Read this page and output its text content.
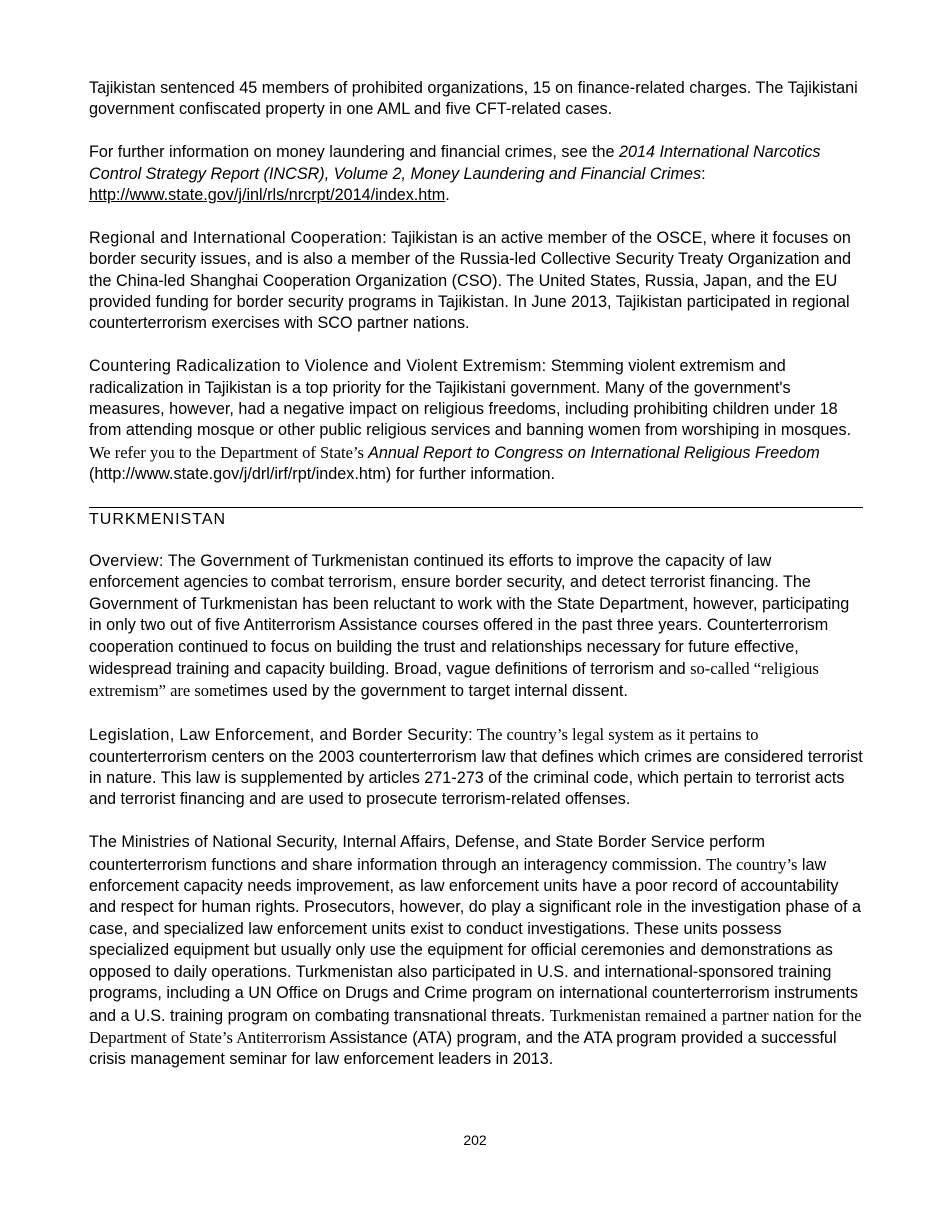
Tajikistan sentenced 45 members of prohibited organizations, 15 on finance-related charges. The Tajikistani government confiscated property in one AML and five CFT-related cases.

For further information on money laundering and financial crimes, see the 2014 International Narcotics Control Strategy Report (INCSR), Volume 2, Money Laundering and Financial Crimes: http://www.state.gov/j/inl/rls/nrcrpt/2014/index.htm.

Regional and International Cooperation: Tajikistan is an active member of the OSCE, where it focuses on border security issues, and is also a member of the Russia-led Collective Security Treaty Organization and the China-led Shanghai Cooperation Organization (CSO). The United States, Russia, Japan, and the EU provided funding for border security programs in Tajikistan. In June 2013, Tajikistan participated in regional counterterrorism exercises with SCO partner nations.

Countering Radicalization to Violence and Violent Extremism: Stemming violent extremism and radicalization in Tajikistan is a top priority for the Tajikistani government. Many of the government's measures, however, had a negative impact on religious freedoms, including prohibiting children under 18 from attending mosque or other public religious services and banning women from worshiping in mosques. We refer you to the Department of State’s Annual Report to Congress on International Religious Freedom (http://www.state.gov/j/drl/irf/rpt/index.htm) for further information.

TURKMENISTAN

Overview: The Government of Turkmenistan continued its efforts to improve the capacity of law enforcement agencies to combat terrorism, ensure border security, and detect terrorist financing. The Government of Turkmenistan has been reluctant to work with the State Department, however, participating in only two out of five Antiterrorism Assistance courses offered in the past three years. Counterterrorism cooperation continued to focus on building the trust and relationships necessary for future effective, widespread training and capacity building. Broad, vague definitions of terrorism and so-called “religious extremism” are sometimes used by the government to target internal dissent.

Legislation, Law Enforcement, and Border Security: The country’s legal system as it pertains to counterterrorism centers on the 2003 counterterrorism law that defines which crimes are considered terrorist in nature. This law is supplemented by articles 271-273 of the criminal code, which pertain to terrorist acts and terrorist financing and are used to prosecute terrorism-related offenses.

The Ministries of National Security, Internal Affairs, Defense, and State Border Service perform counterterrorism functions and share information through an interagency commission. The country’s law enforcement capacity needs improvement, as law enforcement units have a poor record of accountability and respect for human rights. Prosecutors, however, do play a significant role in the investigation phase of a case, and specialized law enforcement units exist to conduct investigations. These units possess specialized equipment but usually only use the equipment for official ceremonies and demonstrations as opposed to daily operations. Turkmenistan also participated in U.S. and international-sponsored training programs, including a UN Office on Drugs and Crime program on international counterterrorism instruments and a U.S. training program on combating transnational threats. Turkmenistan remained a partner nation for the Department of State’s Antiterrorism Assistance (ATA) program, and the ATA program provided a successful crisis management seminar for law enforcement leaders in 2013.

202
